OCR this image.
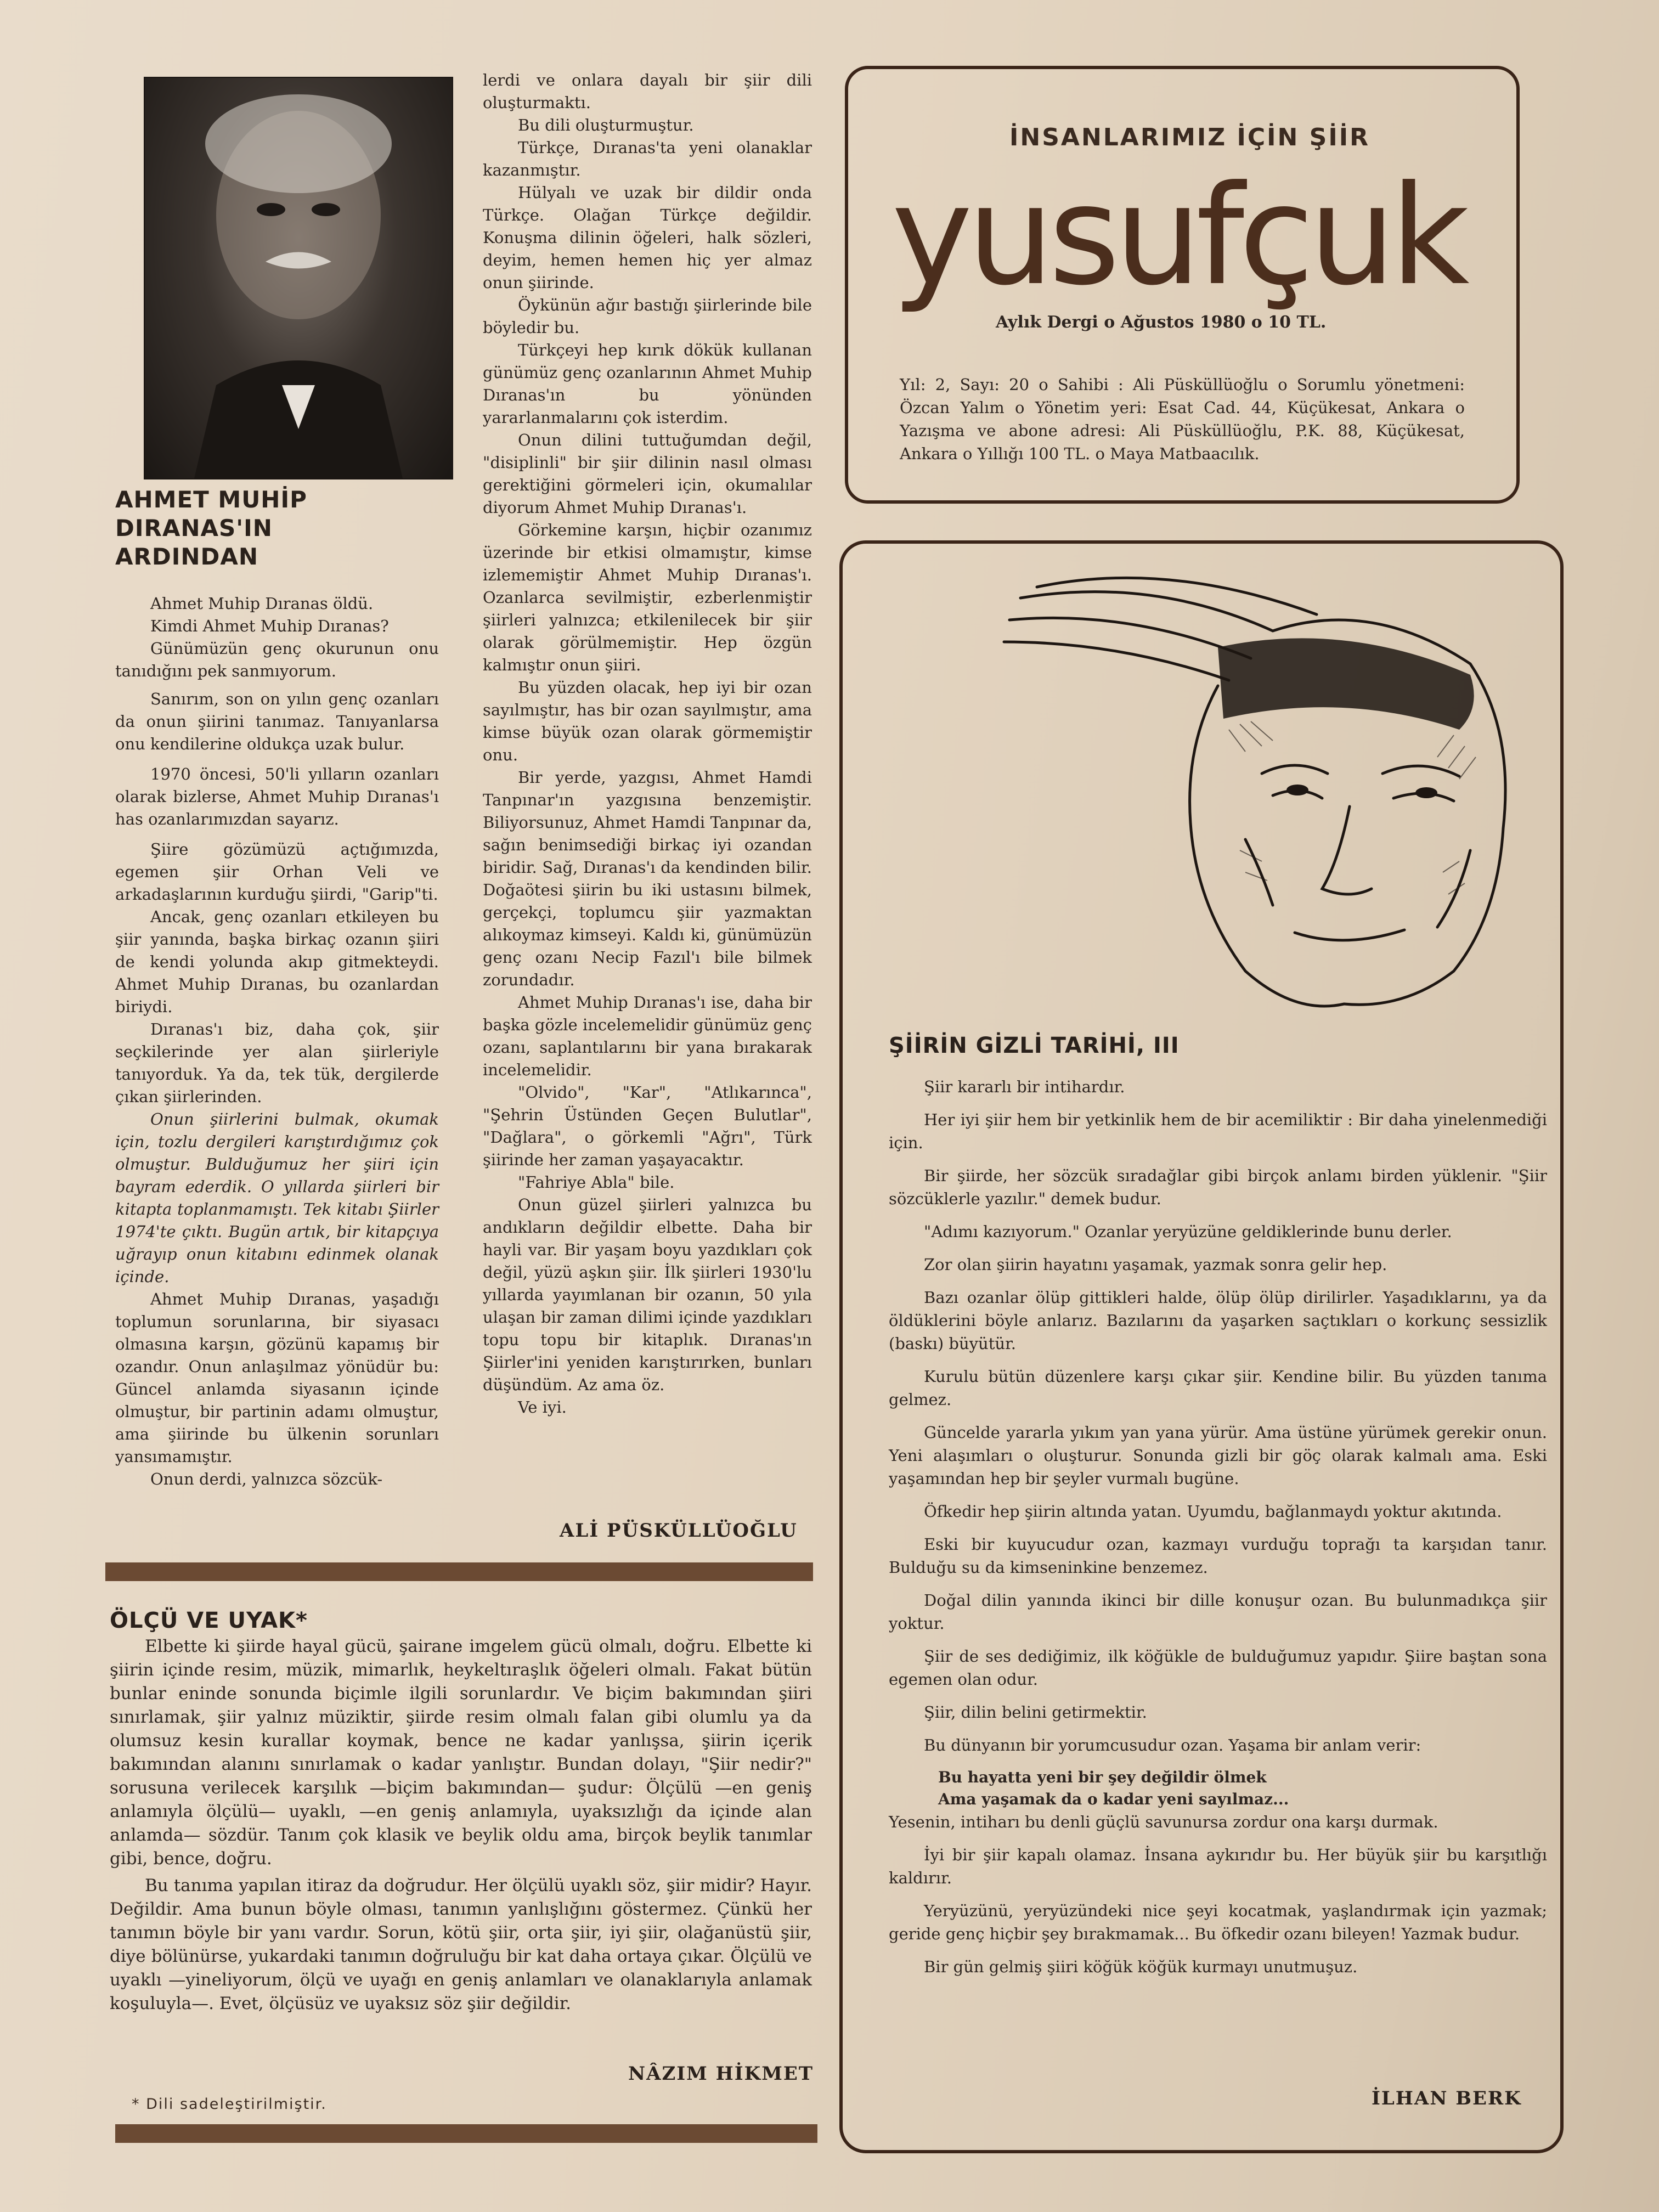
AHMET MUHİP

DIRANAS'IN

ARDINDAN

Ahmet Muhip Dıranas öldü.

Kimdi Ahmet Muhip Dıranas?

Günümüzün genç okurunun onu tanıdığını pek sanmıyorum.

Sanırım, son on yılın genç ozanları da onun şiirini tanımaz. Tanıyanlarsa onu kendilerine oldukça uzak bulur.

1970 öncesi, 50'li yılların ozanları olarak bizlerse, Ahmet Muhip Dıranas'ı has ozanlarımızdan sayarız.

Şiire gözümüzü açtığımızda, egemen şiir Orhan Veli ve arkadaşlarının kurduğu şiirdi, "Garip"ti.

Ancak, genç ozanları etkileyen bu şiir yanında, başka birkaç ozanın şiiri de kendi yolunda akıp gitmekteydi. Ahmet Muhip Dıranas, bu ozanlardan biriydi.

Dıranas'ı biz, daha çok, şiir seçkilerinde yer alan şiirleriyle tanıyorduk. Ya da, tek tük, dergilerde çıkan şiirlerinden.

Onun şiirlerini bulmak, okumak için, tozlu dergileri karıştırdığımız çok olmuştur. Bulduğumuz her şiiri için bayram ederdik. O yıllarda şiirleri bir kitapta toplanmamıştı. Tek kitabı Şiirler 1974'te çıktı. Bugün artık, bir kitapçıya uğrayıp onun kitabını edinmek olanak içinde.

Ahmet Muhip Dıranas, yaşadığı toplumun sorunlarına, bir siyasacı olmasına karşın, gözünü kapamış bir ozandır. Onun anlaşılmaz yönüdür bu: Güncel anlamda siyasanın içinde olmuştur, bir partinin adamı olmuştur, ama şiirinde bu ülkenin sorunları yansımamıştır.

Onun derdi, yalnızca sözcük-

lerdi ve onlara dayalı bir şiir dili oluşturmaktı.

Bu dili oluşturmuştur.

Türkçe, Dıranas'ta yeni olanaklar kazanmıştır.

Hülyalı ve uzak bir dildir onda Türkçe. Olağan Türkçe değildir. Konuşma dilinin öğeleri, halk sözleri, deyim, hemen hemen hiç yer almaz onun şiirinde.

Öykünün ağır bastığı şiirlerinde bile böyledir bu.

Türkçeyi hep kırık dökük kullanan günümüz genç ozanlarının Ahmet Muhip Dıranas'ın bu yönünden yararlanmalarını çok isterdim.

Onun dilini tuttuğumdan değil, "disiplinli" bir şiir dilinin nasıl olması gerektiğini görmeleri için, okumalılar diyorum Ahmet Muhip Dıranas'ı.

Görkemine karşın, hiçbir ozanımız üzerinde bir etkisi olmamıştır, kimse izlememiştir Ahmet Muhip Dıranas'ı. Ozanlarca sevilmiştir, ezberlenmiştir şiirleri yalnızca; etkilenilecek bir şiir olarak görülmemiştir. Hep özgün kalmıştır onun şiiri.

Bu yüzden olacak, hep iyi bir ozan sayılmıştır, has bir ozan sayılmıştır, ama kimse büyük ozan olarak görmemiştir onu.

Bir yerde, yazgısı, Ahmet Hamdi Tanpınar'ın yazgısına benzemiştir. Biliyorsunuz, Ahmet Hamdi Tanpınar da, sağın benimsediği birkaç iyi ozandan biridir. Sağ, Dıranas'ı da kendinden bilir. Doğaötesi şiirin bu iki ustasını bilmek, gerçekçi, toplumcu şiir yazmaktan alıkoymaz kimseyi. Kaldı ki, günümüzün genç ozanı Necip Fazıl'ı bile bilmek zorundadır.

Ahmet Muhip Dıranas'ı ise, daha bir başka gözle incelemelidir günümüz genç ozanı, saplantılarını bir yana bırakarak incelemelidir.

"Olvido", "Kar", "Atlıkarınca", "Şehrin Üstünden Geçen Bulutlar", "Dağlara", o görkemli "Ağrı", Türk şiirinde her zaman yaşayacaktır.

"Fahriye Abla" bile.

Onun güzel şiirleri yalnızca bu andıkların değildir elbette. Daha bir hayli var. Bir yaşam boyu yazdıkları çok değil, yüzü aşkın şiir. İlk şiirleri 1930'lu yıllarda yayımlanan bir ozanın, 50 yıla ulaşan bir zaman dilimi içinde yazdıkları topu topu bir kitaplık. Dıranas'ın Şiirler'ini yeniden karıştırırken, bunları düşündüm. Az ama öz.

Ve iyi.

ALİ PÜSKÜLLÜOĞLU
ÖLÇÜ VE UYAK*

Elbette ki şiirde hayal gücü, şairane imgelem gücü olmalı, doğru. Elbette ki şiirin içinde resim, müzik, mimarlık, heykeltıraşlık öğeleri olmalı. Fakat bütün bunlar eninde sonunda biçimle ilgili sorunlardır. Ve biçim bakımından şiiri sınırlamak, şiir yalnız müziktir, şiirde resim olmalı falan gibi olumlu ya da olumsuz kesin kurallar koymak, bence ne kadar yanlışsa, şiirin içerik bakımından alanını sınırlamak o kadar yanlıştır. Bundan dolayı, "Şiir nedir?" sorusuna verilecek karşılık —biçim bakımından— şudur: Ölçülü —en geniş anlamıyla ölçülü— uyaklı, —en geniş anlamıyla, uyaksızlığı da içinde alan anlamda— sözdür. Tanım çok klasik ve beylik oldu ama, birçok beylik tanımlar gibi, bence, doğru.

Bu tanıma yapılan itiraz da doğrudur. Her ölçülü uyaklı söz, şiir midir? Hayır. Değildir. Ama bunun böyle olması, tanımın yanlışlığını göstermez. Çünkü her tanımın böyle bir yanı vardır. Sorun, kötü şiir, orta şiir, iyi şiir, olağanüstü şiir, diye bölünürse, yukardaki tanımın doğruluğu bir kat daha ortaya çıkar. Ölçülü ve uyaklı —yineliyorum, ölçü ve uyağı en geniş anlamları ve olanaklarıyla anlamak koşuluyla—. Evet, ölçüsüz ve uyaksız söz şiir değildir.

NÂZIM HİKMET
* Dili sadeleştirilmiştir.
İNSANLARIMIZ İÇİN ŞİİR
yusufçuk
Aylık Dergi o Ağustos 1980 o 10 TL.

Yıl: 2, Sayı: 20 o Sahibi : Ali Püsküllüoğlu o Sorumlu yönetmeni: Özcan Yalım o Yönetim yeri: Esat Cad. 44, Küçükesat, Ankara o Yazışma ve abone adresi: Ali Püsküllüoğlu, P.K. 88, Küçükesat, Ankara o Yıllığı 100 TL. o Maya Matbaacılık.

ŞİİRİN GİZLİ TARİHİ, III

Şiir kararlı bir intihardır.

Her iyi şiir hem bir yetkinlik hem de bir acemiliktir : Bir daha yinelenmediği için.

Bir şiirde, her sözcük sıradağlar gibi birçok anlamı birden yüklenir. "Şiir sözcüklerle yazılır." demek budur.

"Adımı kazıyorum." Ozanlar yeryüzüne geldiklerinde bunu derler.

Zor olan şiirin hayatını yaşamak, yazmak sonra gelir hep.

Bazı ozanlar ölüp gittikleri halde, ölüp ölüp dirilirler. Yaşadıklarını, ya da öldüklerini böyle anlarız. Bazılarını da yaşarken saçtıkları o korkunç sessizlik (baskı) büyütür.

Kurulu bütün düzenlere karşı çıkar şiir. Kendine bilir. Bu yüzden tanıma gelmez.

Güncelde yararla yıkım yan yana yürür. Ama üstüne yürümek gerekir onun. Yeni alaşımları o oluşturur. Sonunda gizli bir göç olarak kalmalı ama. Eski yaşamından hep bir şeyler vurmalı bugüne.

Öfkedir hep şiirin altında yatan. Uyumdu, bağlanmaydı yoktur akıtında.

Eski bir kuyucudur ozan, kazmayı vurduğu toprağı ta karşıdan tanır. Bulduğu su da kimseninkine benzemez.

Doğal dilin yanında ikinci bir dille konuşur ozan. Bu bulunmadıkça şiir yoktur.

Şiir de ses dediğimiz, ilk köğükle de bulduğumuz yapıdır. Şiire baştan sona egemen olan odur.

Şiir, dilin belini getirmektir.

Bu dünyanın bir yorumcusudur ozan. Yaşama bir anlam verir:

Bu hayatta yeni bir şey değildir ölmek

Ama yaşamak da o kadar yeni sayılmaz...

Yesenin, intiharı bu denli güçlü savunursa zordur ona karşı durmak.

İyi bir şiir kapalı olamaz. İnsana aykırıdır bu. Her büyük şiir bu karşıtlığı kaldırır.

Yeryüzünü, yeryüzündeki nice şeyi kocatmak, yaşlandırmak için yazmak; geride genç hiçbir şey bırakmamak... Bu öfkedir ozanı bileyen! Yazmak budur.

Bir gün gelmiş şiiri köğük köğük kurmayı unutmuşuz.

İLHAN BERK
